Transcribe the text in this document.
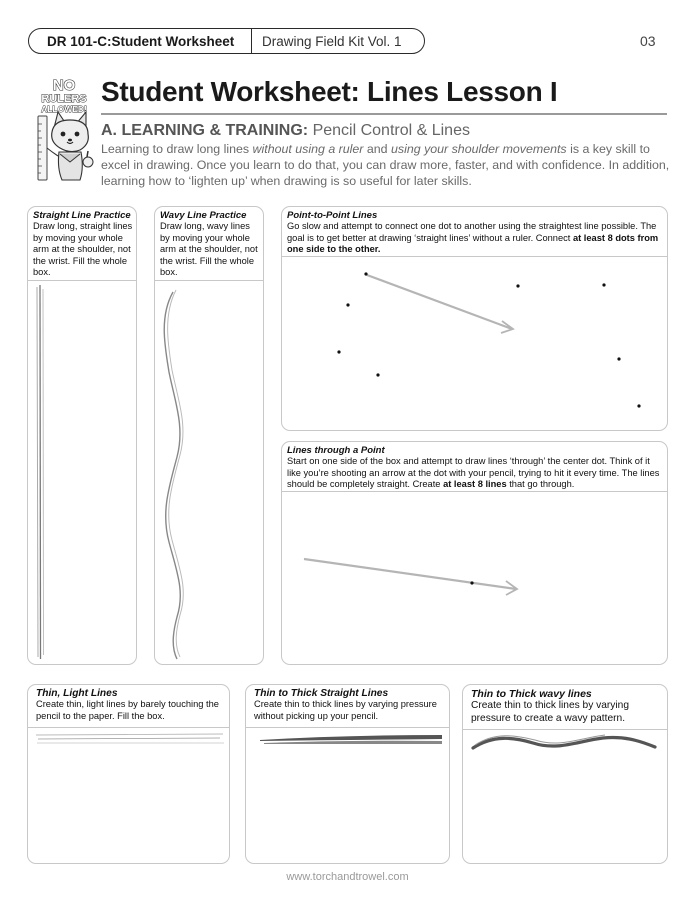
DR 101-C:Student Worksheet	Drawing Field Kit Vol. 1	03
NO
RULERS
ALLOWED!
Student Worksheet: Lines Lesson I
A. LEARNING & TRAINING: Pencil Control & Lines
Learning to draw long lines without using a ruler and using your shoulder movements is a key skill to excel in drawing. Once you learn to do that, you can draw more, faster, and with confidence. In addition, learning how to ‘lighten up’ when drawing is so useful for later skills.
Straight Line Practice
Draw long, straight lines by moving your whole arm at the shoulder, not the wrist. Fill the whole box.
Wavy Line Practice
Draw long, wavy lines by moving your whole arm at the shoulder, not the wrist. Fill the whole box.
Point-to-Point Lines
Go slow and attempt to connect one dot to another using the straightest line possible. The goal is to get better at drawing ‘straight lines’ without a ruler. Connect at least 8 dots from one side to the other.
Lines through a Point
Start on one side of the box and attempt to draw lines ‘through’ the center dot. Think of it like you’re shooting an arrow at the dot with your pencil, trying to hit it every time. The lines should be completely straight. Create at least 8 lines that go through.
Thin, Light Lines
Create thin, light lines by barely touching the pencil to the paper. Fill the box.
Thin to Thick Straight Lines
Create thin to thick lines by varying pressure without picking up your pencil.
Thin to Thick wavy lines
Create thin to thick lines by varying pressure to create a wavy pattern.
www.torchandtrowel.com
